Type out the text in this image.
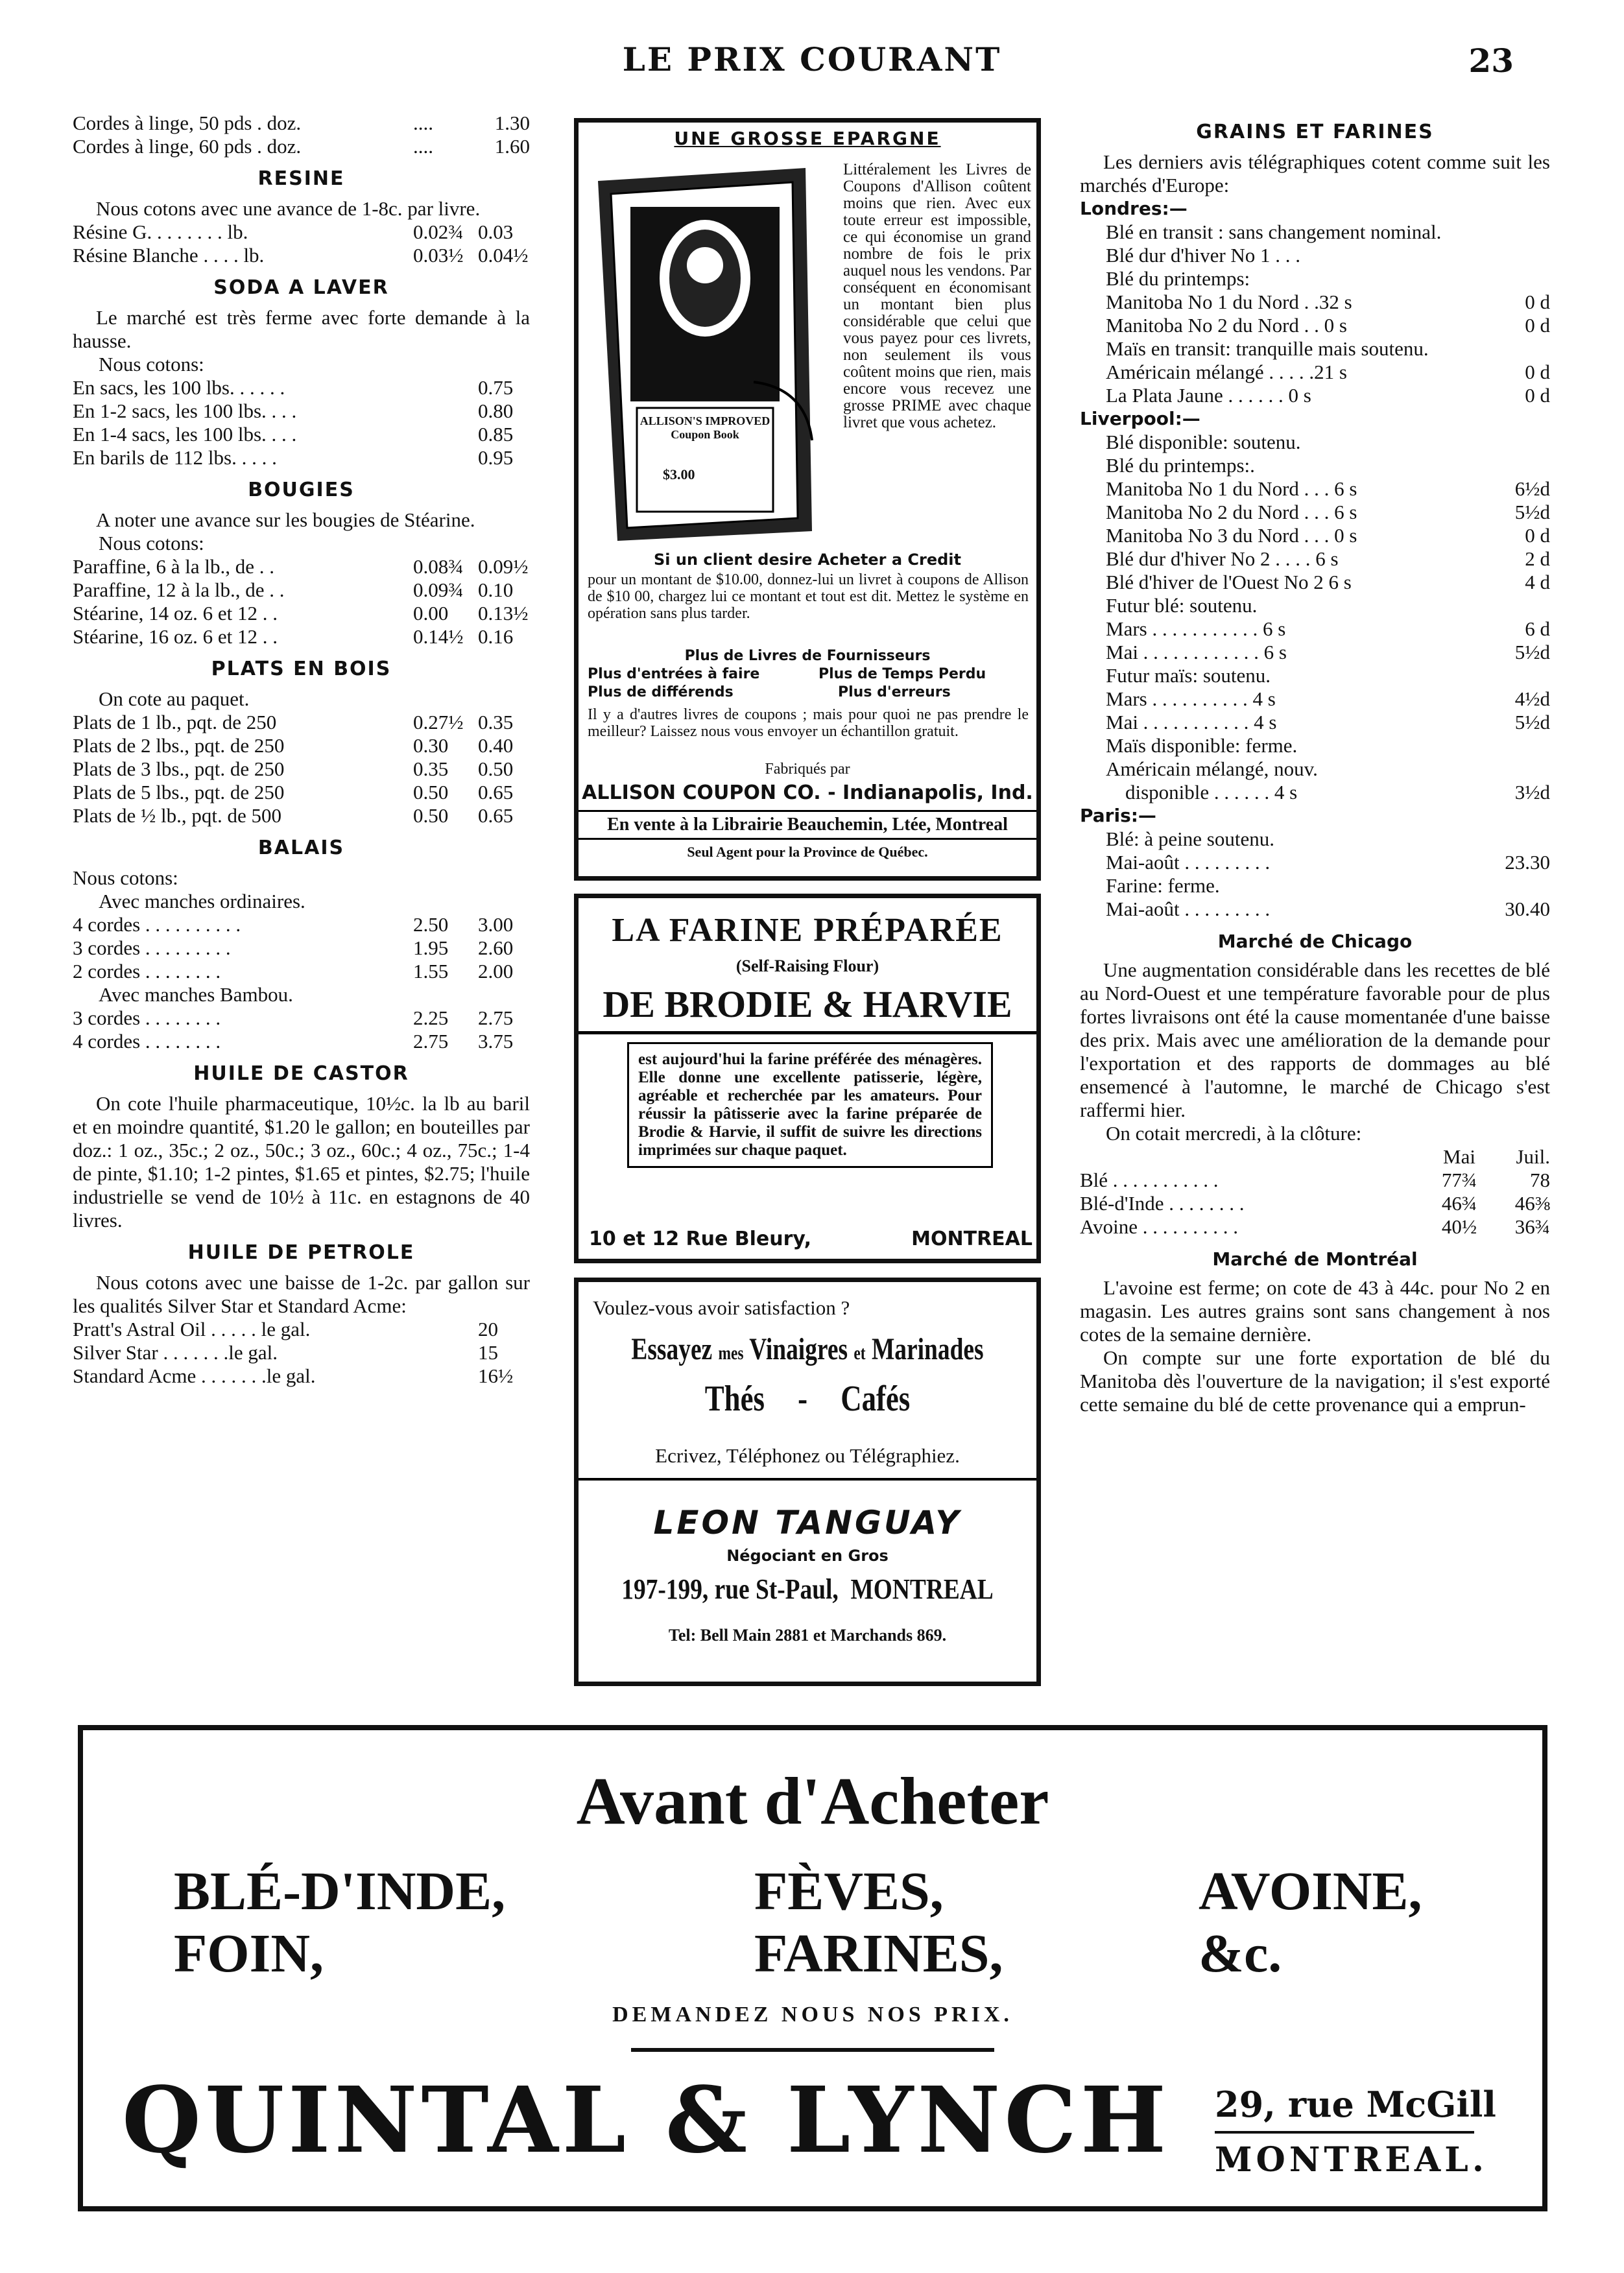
LE PRIX COURANT	23
Cordes à linge, 50 pds . doz.	....	1.30
Cordes à linge, 60 pds . doz.	....	1.60
RESINE
Nous cotons avec une avance de 1-8c. par livre.
Résine G. . . . . . . . lb.	0.02¾ 0.03
Résine Blanche . . . . lb.	0.03½ 0.04½
SODA A LAVER
Le marché est très ferme avec forte demande à la hausse.
Nous cotons:
En sacs, les 100 lbs. . . . . .	0.75
En 1-2 sacs, les 100 lbs. . . .	0.80
En 1-4 sacs, les 100 lbs. . . .	0.85
En barils de 112 lbs. . . . .	0.95
BOUGIES
A noter une avance sur les bougies de Stéarine.
Nous cotons:
Paraffine, 6 à la lb., de . .	0.08¾ 0.09½
Paraffine, 12 à la lb., de . .	0.09¾ 0.10
Stéarine, 14 oz. 6 et 12 . .	0.00	0.13½
Stéarine, 16 oz. 6 et 12 . .	0.14½ 0.16
PLATS EN BOIS
On cote au paquet.
Plats de 1 lb., pqt. de 250	0.27½ 0.35
Plats de 2 lbs., pqt. de 250	0.30	0.40
Plats de 3 lbs., pqt. de 250	0.35	0.50
Plats de 5 lbs., pqt. de 250	0.50	0.65
Plats de ½ lb., pqt. de 500	0.50	0.65
BALAIS
Nous cotons:
Avec manches ordinaires.
4 cordes . . . . . . . . . .	2.50	3.00
3 cordes . . . . . . . . .	1.95	2.60
2 cordes . . . . . . . .	1.55	2.00
Avec manches Bambou.
3 cordes . . . . . . . .	2.25	2.75
4 cordes . . . . . . . .	2.75	3.75
HUILE DE CASTOR
On cote l'huile pharmaceutique, 10½c. la lb au baril et en moindre quantité, $1.20 le gallon; en bouteilles par doz.: 1 oz., 35c.; 2 oz., 50c.; 3 oz., 60c.; 4 oz., 75c.; 1-4 de pinte, $1.10; 1-2 pintes, $1.65 et pintes, $2.75; l'huile industrielle se vend de 10½ à 11c. en estagnons de 40 livres.
HUILE DE PETROLE
Nous cotons avec une baisse de 1-2c. par gallon sur les qualités Silver Star et Standard Acme:
Pratt's Astral Oil . . . . . le gal.	20
Silver Star . . . . . . .le gal.	15
Standard Acme . . . . . . .le gal.	16½
UNE GROSSE EPARGNE
ALLISON'S IMPROVED Coupon Book
$3.00
Littéralement les Livres de Coupons d'Allison coûtent moins que rien. Avec eux toute erreur est impossible, ce qui économise un grand nombre de fois le prix auquel nous les vendons. Par conséquent en économisant un montant bien plus considérable que celui que vous payez pour ces livrets, non seulement ils vous coûtent moins que rien, mais encore vous recevez une grosse PRIME avec chaque livret que vous achetez.
Si un client desire Acheter a Credit
pour un montant de $10.00, donnez-lui un livret à coupons de Allison de $10 00, chargez lui ce montant et tout est dit. Mettez le système en opération sans plus tarder.
Plus de Livres de Fournisseurs
Plus d'entrées à faire	Plus de Temps Perdu
Plus de différends	Plus d'erreurs
Il y a d'autres livres de coupons ; mais pour quoi ne pas prendre le meilleur? Laissez nous vous envoyer un échantillon gratuit.
Fabriqués par
ALLISON COUPON CO. - Indianapolis, Ind.
En vente à la Librairie Beauchemin, Ltée, Montreal
Seul Agent pour la Province de Québec.
LA FARINE PRÉPARÉE
(Self-Raising Flour)
DE BRODIE & HARVIE
est aujourd'hui la farine préférée des ménagères. Elle donne une excellente patisserie, légère, agréable et recherchée par les amateurs. Pour réussir la pâtisserie avec la farine préparée de Brodie & Harvie, il suffit de suivre les directions imprimées sur chaque paquet.
10 et 12 Rue Bleury,	MONTREAL
Voulez-vous avoir satisfaction ?
Essayez mes Vinaigres et Marinades
Thés - Cafés
Ecrivez, Téléphonez ou Télégraphiez.
LEON TANGUAY
Négociant en Gros
197-199, rue St-Paul, MONTREAL
Tel: Bell Main 2881 et Marchands 869.
GRAINS ET FARINES
Les derniers avis télégraphiques cotent comme suit les marchés d'Europe:
Londres:—
Blé en transit : sans changement nominal.
Blé dur d'hiver No 1 . . .
Blé du printemps:
Manitoba No 1 du Nord . .32 s	0 d
Manitoba No 2 du Nord . . 0 s	0 d
Maïs en transit: tranquille mais soutenu.
Américain mélangé . . . . .21 s	0 d
La Plata Jaune . . . . . . 0 s	0 d
Liverpool:—
Blé disponible: soutenu.
Blé du printemps:.
Manitoba No 1 du Nord . . . 6 s	6½d
Manitoba No 2 du Nord . . . 6 s	5½d
Manitoba No 3 du Nord . . . 0 s	0 d
Blé dur d'hiver No 2 . . . . 6 s	2 d
Blé d'hiver de l'Ouest No 2 6 s	4 d
Futur blé: soutenu.
Mars . . . . . . . . . . . 6 s	6 d
Mai . . . . . . . . . . . . 6 s	5½d
Futur maïs: soutenu.
Mars . . . . . . . . . . 4 s	4½d
Mai . . . . . . . . . . . 4 s	5½d
Maïs disponible: ferme.
Américain mélangé, nouv.
disponible . . . . . . 4 s	3½d
Paris:—
Blé: à peine soutenu.
Mai-août . . . . . . . . .	23.30
Farine: ferme.
Mai-août . . . . . . . . .	30.40
Marché de Chicago
Une augmentation considérable dans les recettes de blé au Nord-Ouest et une température favorable pour de plus fortes livraisons ont été la cause momentanée d'une baisse des prix. Mais avec une amélioration de la demande pour l'exportation et des rapports de dommages au blé ensemencé à l'automne, le marché de Chicago s'est raffermi hier.
On cotait mercredi, à la clôture:
Mai	Juil.
Blé . . . . . . . . . . .	77¾	78
Blé-d'Inde . . . . . . . .	46¾	46⅜
Avoine . . . . . . . . . .	40½	36¾
Marché de Montréal
L'avoine est ferme; on cote de 43 à 44c. pour No 2 en magasin. Les autres grains sont sans changement à nos cotes de la semaine dernière.
On compte sur une forte exportation de blé du Manitoba dès l'ouverture de la navigation; il s'est exporté cette semaine du blé de cette provenance qui a emprun-
Avant d'Acheter
BLÉ-D'INDE,
FOIN,
FÈVES,
FARINES,
AVOINE,
&c.
DEMANDEZ NOUS NOS PRIX.
QUINTAL & LYNCH 29, rue McGill
MONTREAL.
